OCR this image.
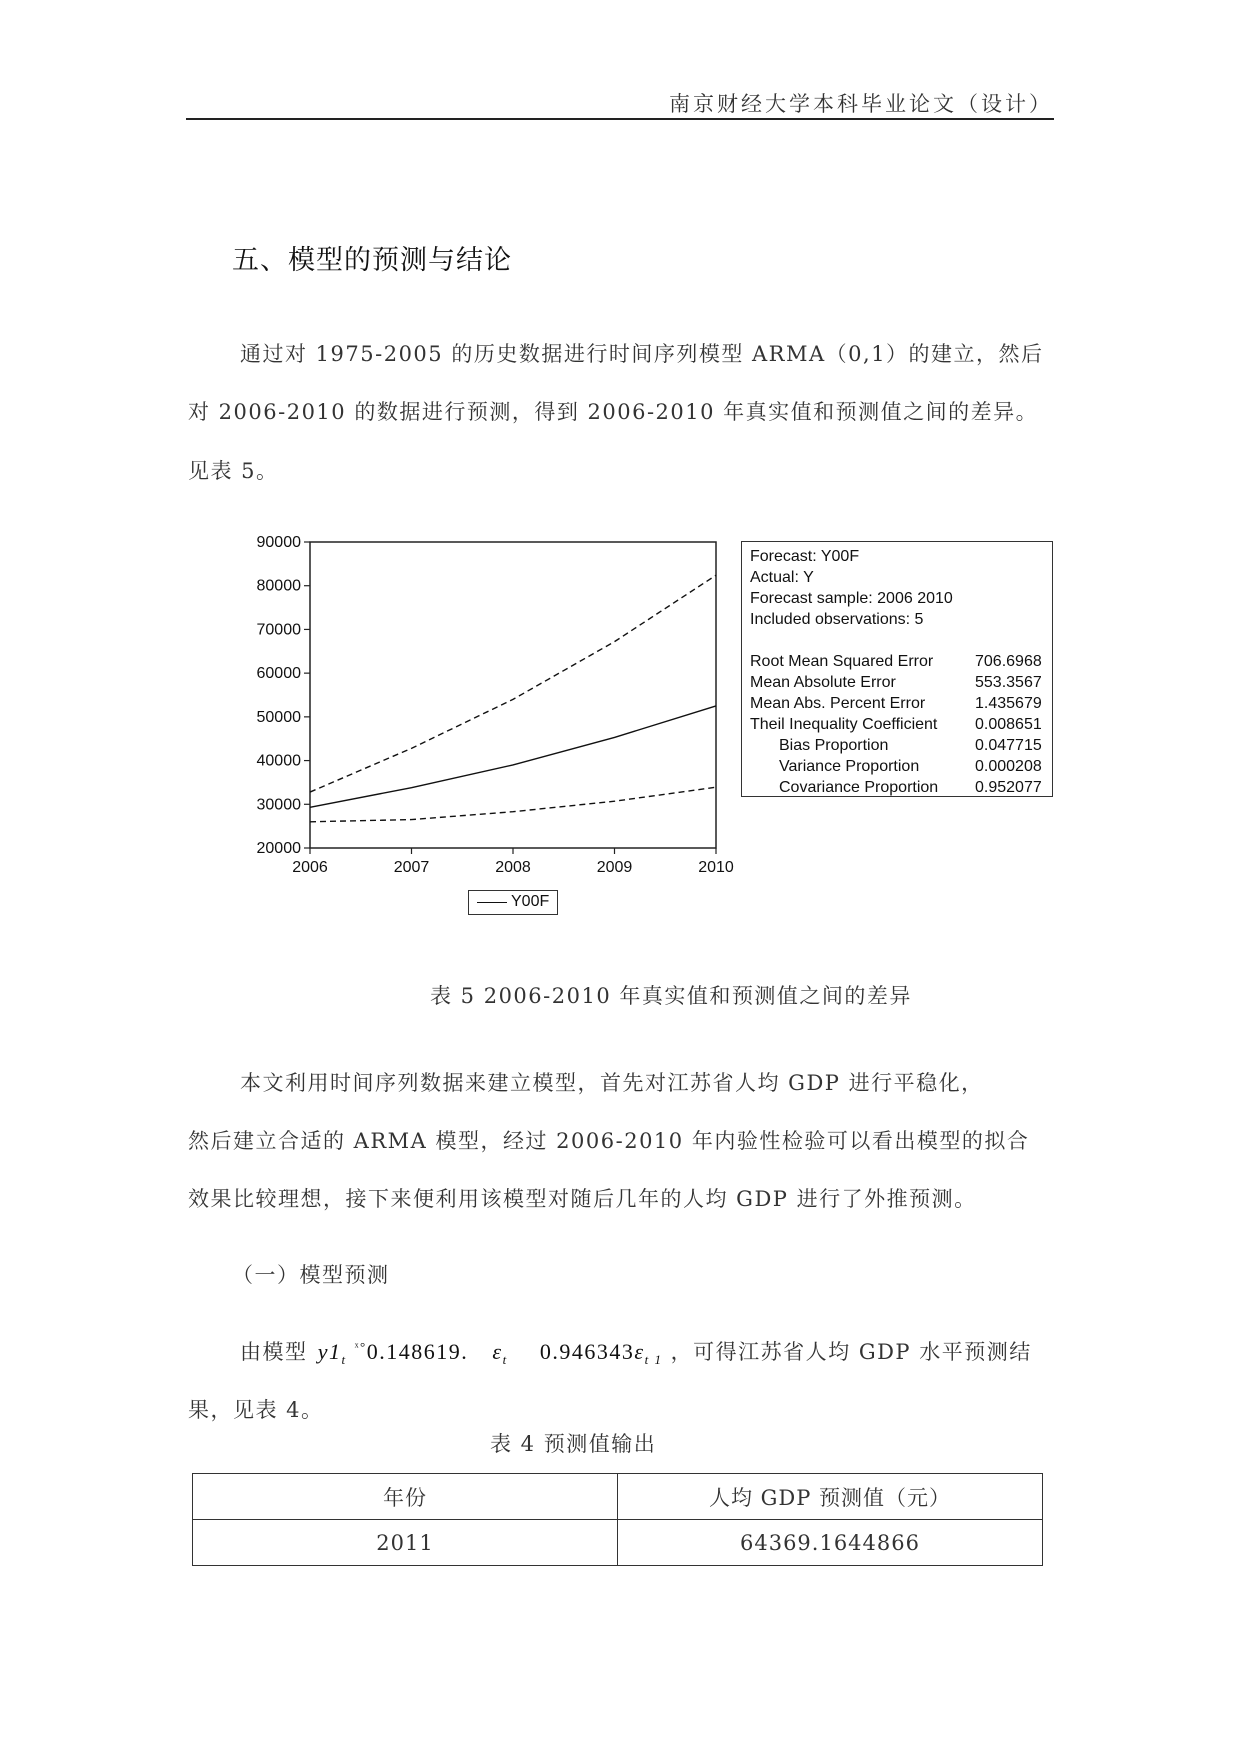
南京财经大学本科毕业论文（设计）
五、模型的预测与结论
通过对 1975-2005 的历史数据进行时间序列模型 ARMA（0,1）的建立，然后
对 2006-2010 的数据进行预测，得到 2006-2010 年真实值和预测值之间的差异。
见表 5。
20000
30000
40000
50000
60000
70000
80000
90000
2006	2007	2008	2009	2010
Y00F
Forecast: Y00F
Actual: Y
Forecast sample: 2006 2010
Included observations: 5
Root Mean Squared Error	706.6968
Mean Absolute Error	553.3567
Mean Abs. Percent Error	1.435679
Theil Inequality Coefficient 0.008651
Bias Proportion	0.047715
Variance Proportion	0.000208
Covariance Proportion 0.952077
表 5 2006-2010 年真实值和预测值之间的差异
本文利用时间序列数据来建立模型，首先对江苏省人均 GDP 进行平稳化，
然后建立合适的 ARMA 模型，经过 2006-2010 年内验性检验可以看出模型的拟合
效果比较理想，接下来便利用该模型对随后几年的人均 GDP 进行了外推预测。
（一）模型预测
由模型 $y1_t$ $^{ˣ^\circ}$0.148619. $\varepsilon_t$ $0.946343\varepsilon_{t 1}$ ，可得江苏省人均 GDP 水平预测结
果，见表 4。
表 4 预测值输出
年份	人均 GDP 预测值（元）
2011	64369.1644866
